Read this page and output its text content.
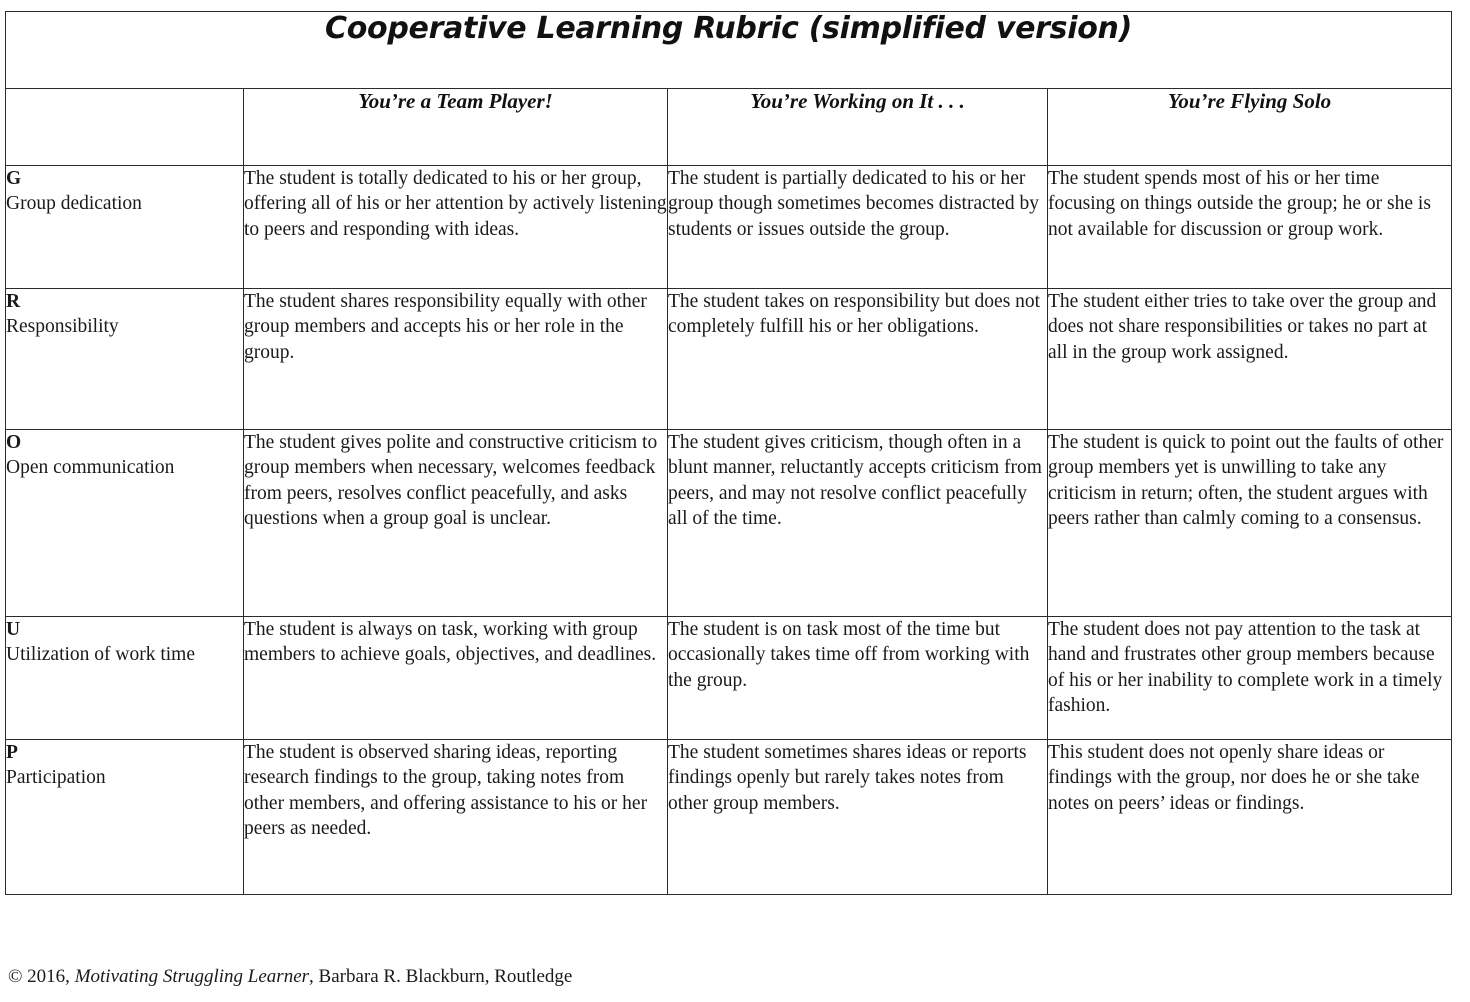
Cooperative Learning Rubric (simplified version)			
	You’re a Team Player!	You’re Working on It . . .	You’re Flying Solo

G
Group dedication	The student is totally dedicated to his or her group, offering all of his or her attention by actively listening to peers and responding with ideas.	The student is partially dedicated to his or her group though sometimes becomes distracted by students or issues outside the group.	The student spends most of his or her time focusing on things outside the group; he or she is not available for discussion or group work.

R
Responsibility	The student shares responsibility equally with other group members and accepts his or her role in the group.	The student takes on responsibility but does not completely fulfill his or her obligations.	The student either tries to take over the group and does not share responsibilities or takes no part at all in the group work assigned.

O
Open communication	The student gives polite and constructive criticism to group members when necessary, welcomes feedback from peers, resolves conflict peacefully, and asks questions when a group goal is unclear.	The student gives criticism, though often in a blunt manner, reluctantly accepts criticism from peers, and may not resolve conflict peacefully all of the time.	The student is quick to point out the faults of other group members yet is unwilling to take any criticism in return; often, the student argues with peers rather than calmly coming to a consensus.

U
Utilization of work time	The student is always on task, working with group members to achieve goals, objectives, and deadlines.	The student is on task most of the time but occasionally takes time off from working with the group.	The student does not pay attention to the task at hand and frustrates other group members because of his or her inability to complete work in a timely fashion.

P
Participation	The student is observed sharing ideas, reporting research findings to the group, taking notes from other members, and offering assistance to his or her peers as needed.	The student sometimes shares ideas or reports findings openly but rarely takes notes from other group members.	This student does not openly share ideas or findings with the group, nor does he or she take notes on peers’ ideas or findings.
© 2016, Motivating Struggling Learner, Barbara R. Blackburn, Routledge
